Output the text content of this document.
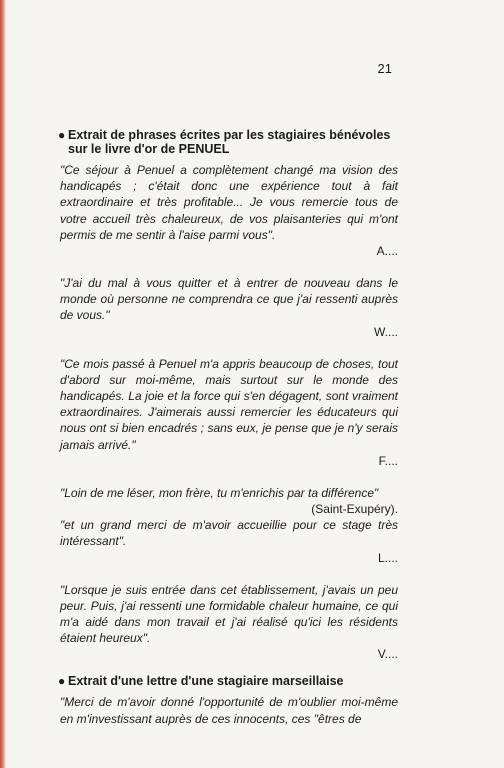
21
● Extrait de phrases écrites par les stagiaires bénévoles
sur le livre d'or de PENUEL
"Ce séjour à Penuel a complètement changé ma vision des handicapés ; c'était donc une expérience tout à fait extraordinaire et très profitable... Je vous remercie tous de votre accueil très chaleureux, de vos plaisanteries qui m'ont permis de me sentir à l'aise parmi vous".
A....
"J'ai du mal à vous quitter et à entrer de nouveau dans le monde où personne ne comprendra ce que j'ai ressenti auprès de vous."
W....
"Ce mois passé à Penuel m'a appris beaucoup de choses, tout d'abord sur moi-même, mais surtout sur le monde des handicapés. La joie et la force qui s'en dégagent, sont vraiment extraordinaires. J'aimerais aussi remercier les éducateurs qui nous ont si bien encadrés ; sans eux, je pense que je n'y serais jamais arrivé."
F....
"Loin de me léser, mon frère, tu m'enrichis par ta différence"
(Saint-Exupéry).
"et un grand merci de m'avoir accueillie pour ce stage très intéressant".
L....
"Lorsque je suis entrée dans cet établissement, j'avais un peu peur. Puis, j'ai ressenti une formidable chaleur humaine, ce qui m'a aidé dans mon travail et j'ai réalisé qu'ici les résidents étaient heureux".
V....
● Extrait d'une lettre d'une stagiaire marseillaise
"Merci de m'avoir donné l'opportunité de m'oublier moi-même en m'investissant auprès de ces innocents, ces "êtres de
